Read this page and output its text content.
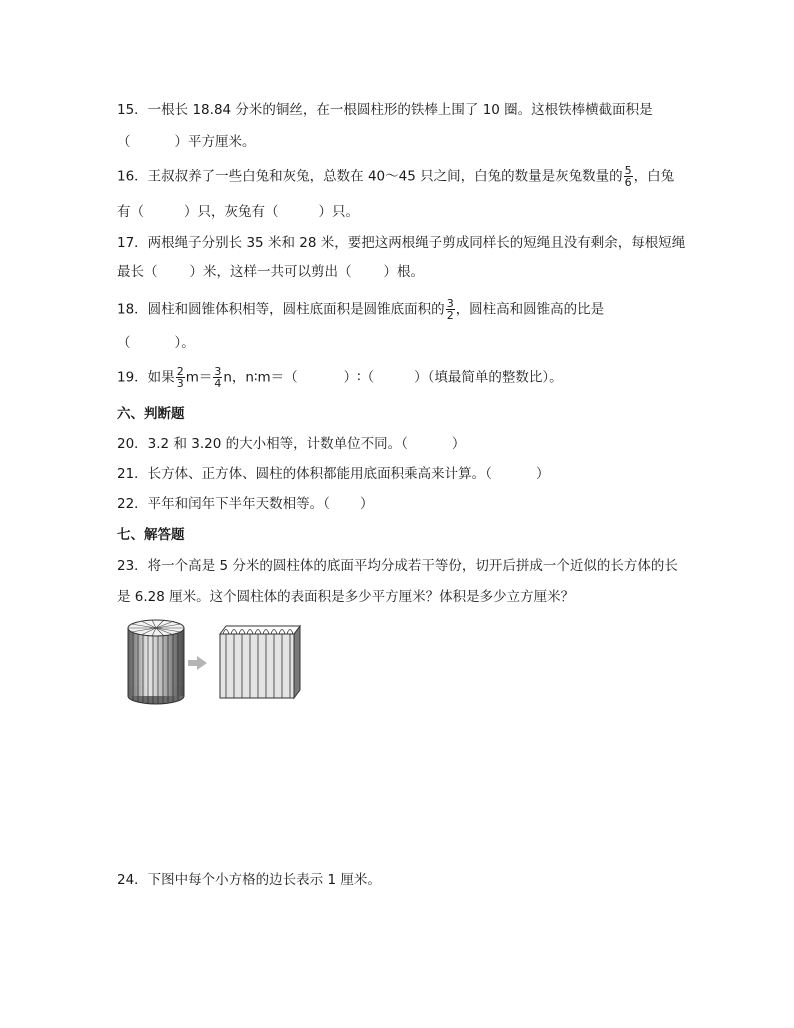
15．一根长 18.84 分米的铜丝，在一根圆柱形的铁棒上围了 10 圈。这根铁棒横截面积是
（	）平方厘米。
16．王叔叔养了一些白兔和灰兔，总数在 40～45 只之间，白兔的数量是灰兔数量的 $\frac{5}{6}$ ，白兔
有（	）只，灰兔有（	）只。
17．两根绳子分别长 35 米和 28 米，要把这两根绳子剪成同样长的短绳且没有剩余，每根短绳
最长（ ）米，这样一共可以剪出（ ）根。
18．圆柱和圆锥体积相等，圆柱底面积是圆锥底面积的 $\frac{3}{2}$ ，圆柱高和圆锥高的比是
（	）。
19．如果 $\frac{2}{3} m= \frac{3}{4}$ n，n∶m＝（	）∶（	）（填最简单的整数比）。
六、判断题
20．3.2 和 3.20 的大小相等，计数单位不同。（	）
21．长方体、正方体、圆柱的体积都能用底面积乘高来计算。（	）
22．平年和闰年下半年天数相等。（ ）
七、解答题
23．将一个高是 5 分米的圆柱体的底面平均分成若干等份，切开后拼成一个近似的长方体的长
是 6.28 厘米。这个圆柱体的表面积是多少平方厘米？体积是多少立方厘米？
24．下图中每个小方格的边长表示 1 厘米。
